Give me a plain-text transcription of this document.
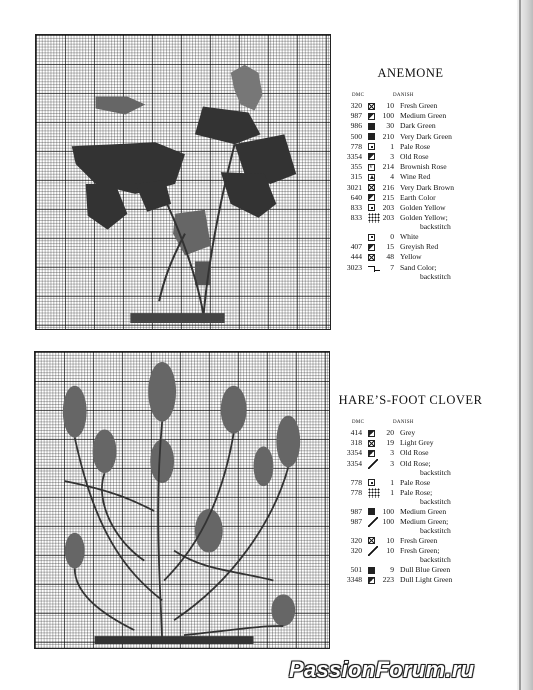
ANEMONE
DMC	DANISH
320	10 Fresh Green
987	100 Medium Green
986	30 Dark Green
500	210 Very Dark Green
778	1 Pale Rose
3354	3 Old Rose
355
v	214 Brownish Rose
315	4 Wine Red
3021	216 Very Dark Brown
640	215 Earth Color
833	203 Golden Yellow
833	203 Golden Yellow;
backstitch
0 White
407	15 Greyish Red
444	48 Yellow
3023	7 Sand Color;
backstitch
HARE’S-FOOT CLOVER
DMC	DANISH
414	20 Grey
318	19 Light Grey
3354	3 Old Rose
3354	3 Old Rose;
backstitch
778	1 Pale Rose
778	1 Pale Rose;
backstitch
987	100 Medium Green
987	100 Medium Green;
backstitch
320	10 Fresh Green
320	10 Fresh Green;
backstitch
501	9 Dull Blue Green
3348	223 Dull Light Green
PassionForum.ru
